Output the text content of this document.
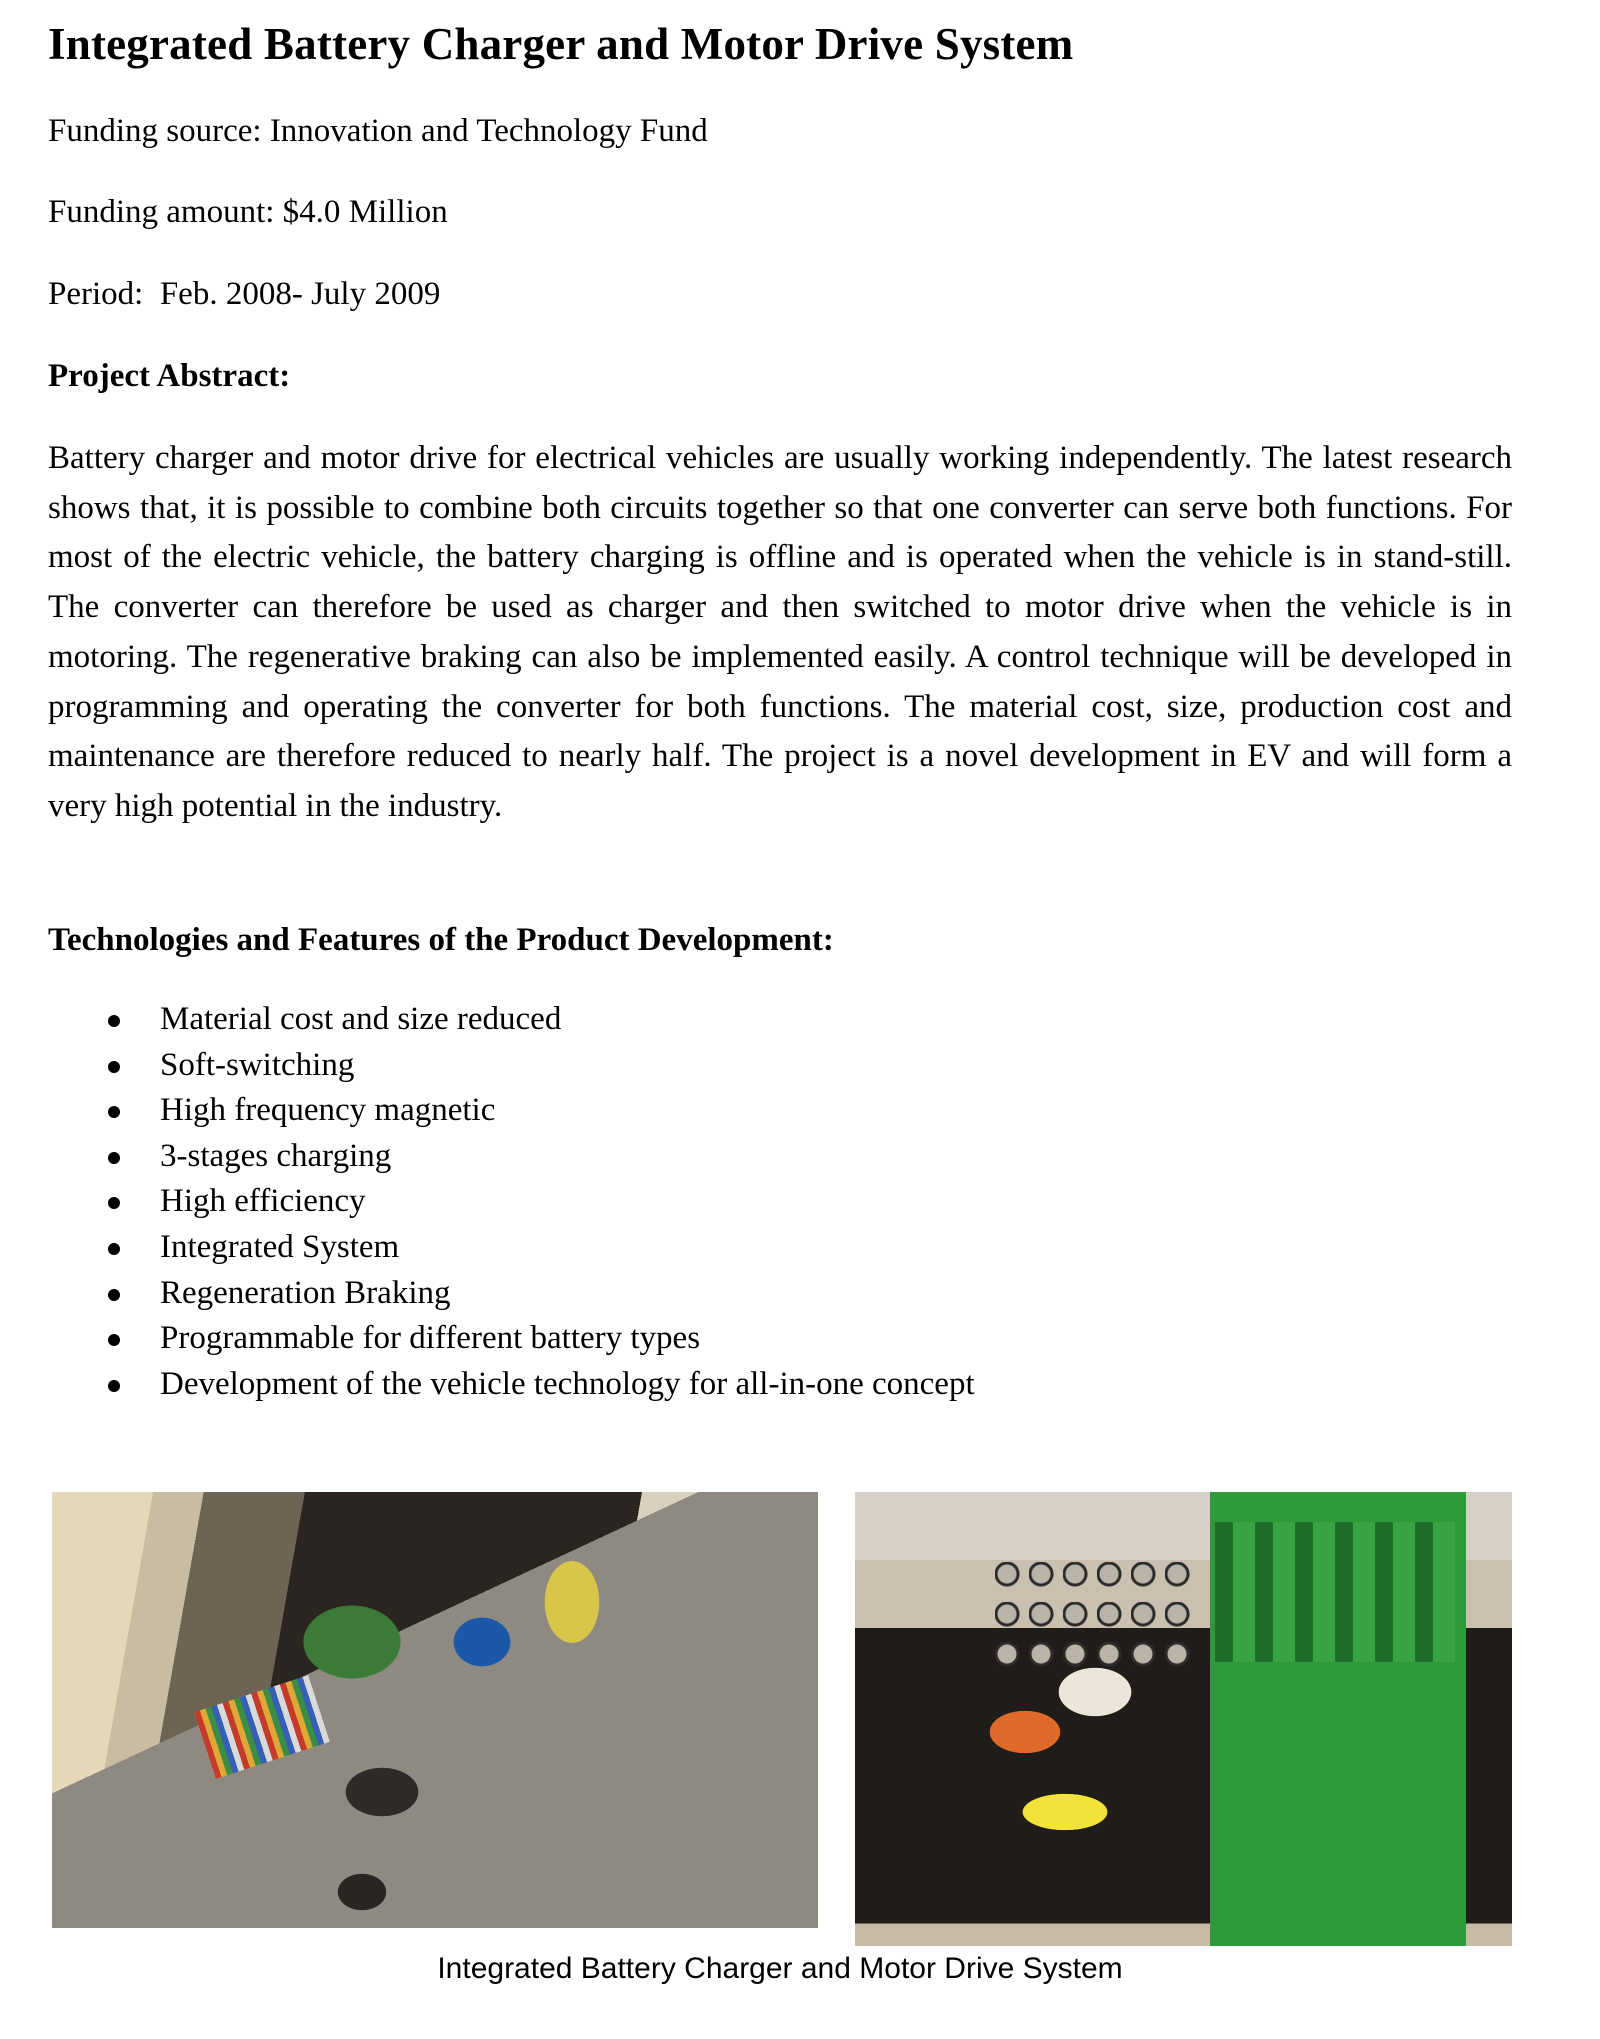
Integrated Battery Charger and Motor Drive System
Funding source: Innovation and Technology Fund
Funding amount: $4.0 Million
Period:  Feb. 2008- July 2009
Project Abstract:
Battery charger and motor drive for electrical vehicles are usually working independently. The latest research shows that, it is possible to combine both circuits together so that one converter can serve both functions. For most of the electric vehicle, the battery charging is offline and is operated when the vehicle is in stand-still. The converter can therefore be used as charger and then switched to motor drive when the vehicle is in motoring. The regenerative braking can also be implemented easily. A control technique will be developed in programming and operating the converter for both functions. The material cost, size, production cost and maintenance are therefore reduced to nearly half. The project is a novel development in EV and will form a very high potential in the industry.
Technologies and Features of the Product Development:
Material cost and size reduced
Soft-switching
High frequency magnetic
3-stages charging
High efficiency
Integrated System
Regeneration Braking
Programmable for different battery types
Development of the vehicle technology for all-in-one concept
Integrated Battery Charger and Motor Drive System
